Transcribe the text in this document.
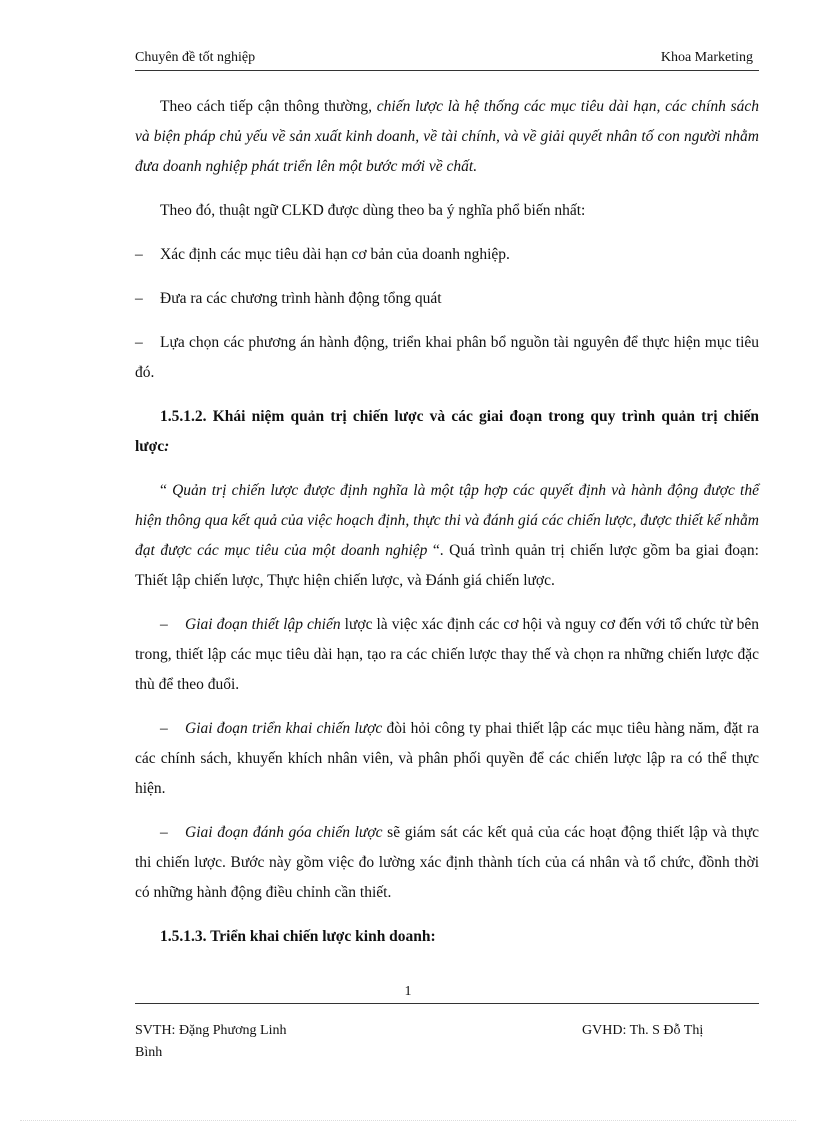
Chuyên đề tốt nghiệp	Khoa Marketing

Theo cách tiếp cận thông thường, chiến lược là hệ thống các mục tiêu dài hạn, các chính sách và biện pháp chủ yếu về sản xuất kinh doanh, về tài chính, và về giải quyết nhân tố con người nhằm đưa doanh nghiệp phát triển lên một bước mới về chất.

Theo đó, thuật ngữ CLKD được dùng theo ba ý nghĩa phổ biến nhất:

– Xác định các mục tiêu dài hạn cơ bản của doanh nghiệp.

– Đưa ra các chương trình hành động tổng quát

– Lựa chọn các phương án hành động, triển khai phân bổ nguồn tài nguyên để thực hiện mục tiêu đó.

1.5.1.2. Khái niệm quản trị chiến lược và các giai đoạn trong quy trình quản trị chiến lược:

“ Quản trị chiến lược được định nghĩa là một tập hợp các quyết định và hành động được thể hiện thông qua kết quả của việc hoạch định, thực thi và đánh giá các chiến lược, được thiết kế nhằm đạt được các mục tiêu của một doanh nghiệp “. Quá trình quản trị chiến lược gồm ba giai đoạn: Thiết lập chiến lược, Thực hiện chiến lược, và Đánh giá chiến lược.

– Giai đoạn thiết lập chiến lược là việc xác định các cơ hội và nguy cơ đến với tổ chức từ bên trong, thiết lập các mục tiêu dài hạn, tạo ra các chiến lược thay thế và chọn ra những chiến lược đặc thù để theo đuổi.

– Giai đoạn triển khai chiến lược đòi hỏi công ty phai thiết lập các mục tiêu hàng năm, đặt ra các chính sách, khuyến khích nhân viên, và phân phối quyền để các chiến lược lập ra có thể thực hiện.

– Giai đoạn đánh góa chiến lược sẽ giám sát các kết quả của các hoạt động thiết lập và thực thi chiến lược. Bước này gồm việc đo lường xác định thành tích của cá nhân và tổ chức, đồnh thời có những hành động điều chỉnh cần thiết.

1.5.1.3. Triển khai chiến lược kinh doanh:

1
SVTH: Đặng Phương Linh	GVHD: Th. S Đỗ Thị
Bình
